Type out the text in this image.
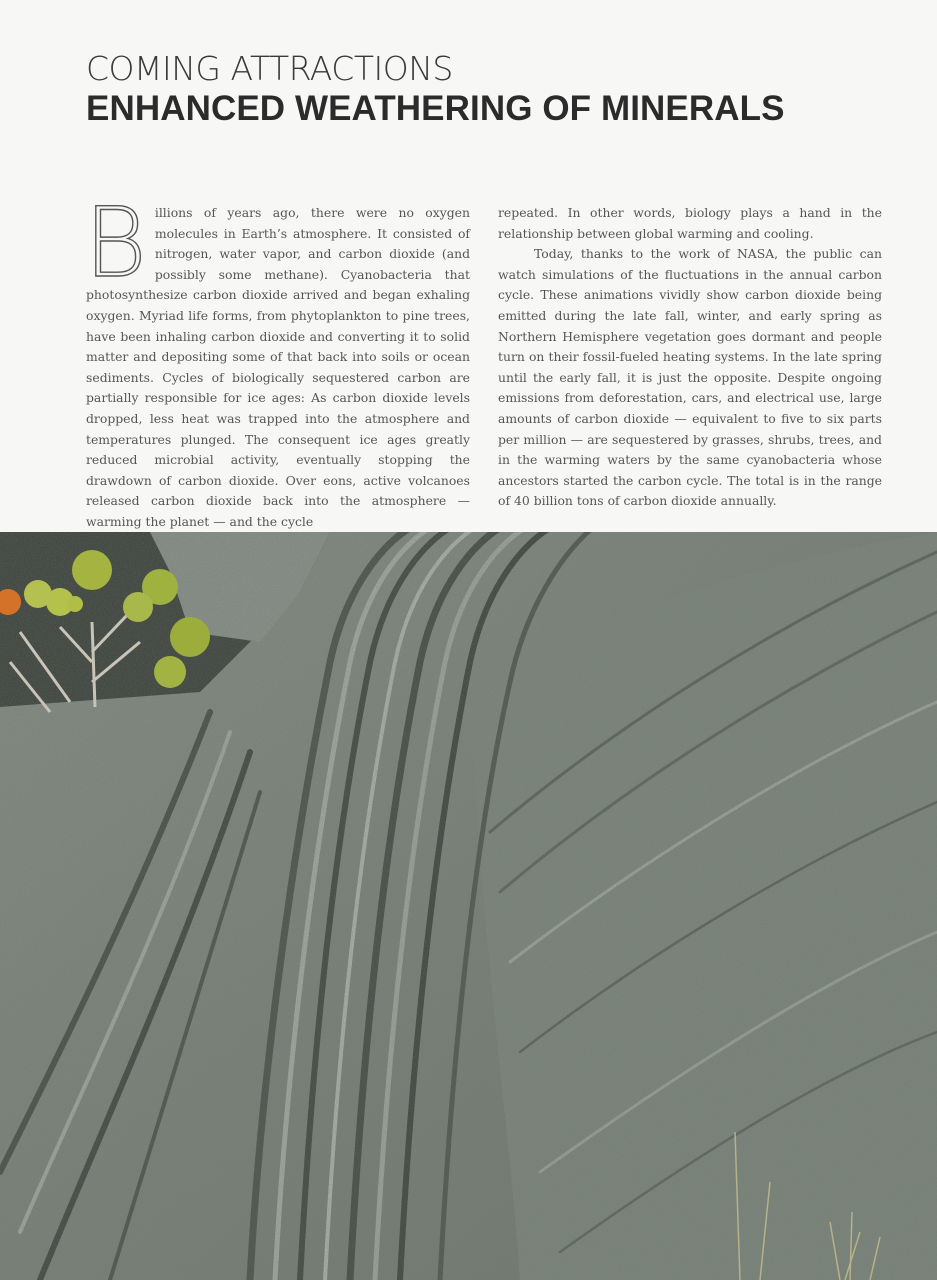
COMING ATTRACTIONS
ENHANCED WEATHERING OF MINERALS

Billions of years ago, there were no oxygen molecules in Earth’s atmosphere. It consisted of nitrogen, water vapor, and carbon dioxide (and possibly some methane). Cyanobacteria that photosynthesize carbon dioxide arrived and began exhaling oxygen. Myriad life forms, from phytoplankton to pine trees, have been inhaling carbon dioxide and converting it to solid matter and depositing some of that back into soils or ocean sediments. Cycles of biologically sequestered carbon are partially responsible for ice ages: As carbon dioxide levels dropped, less heat was trapped into the atmosphere and temperatures plunged. The consequent ice ages greatly reduced microbial activity, eventually stopping the drawdown of carbon dioxide. Over eons, active volcanoes released carbon dioxide back into the atmosphere — warming the planet — and the cycle

repeated. In other words, biology plays a hand in the relationship between global warming and cooling.

Today, thanks to the work of NASA, the public can watch simulations of the fluctuations in the annual carbon cycle. These animations vividly show carbon dioxide being emitted during the late fall, winter, and early spring as Northern Hemisphere vegetation goes dormant and people turn on their fossil-fueled heating systems. In the late spring until the early fall, it is just the opposite. Despite ongoing emissions from deforestation, cars, and electrical use, large amounts of carbon dioxide — equivalent to five to six parts per million — are sequestered by grasses, shrubs, trees, and in the warming waters by the same cyanobacteria whose ancestors started the carbon cycle. The total is in the range of 40 billion tons of carbon dioxide annually.
